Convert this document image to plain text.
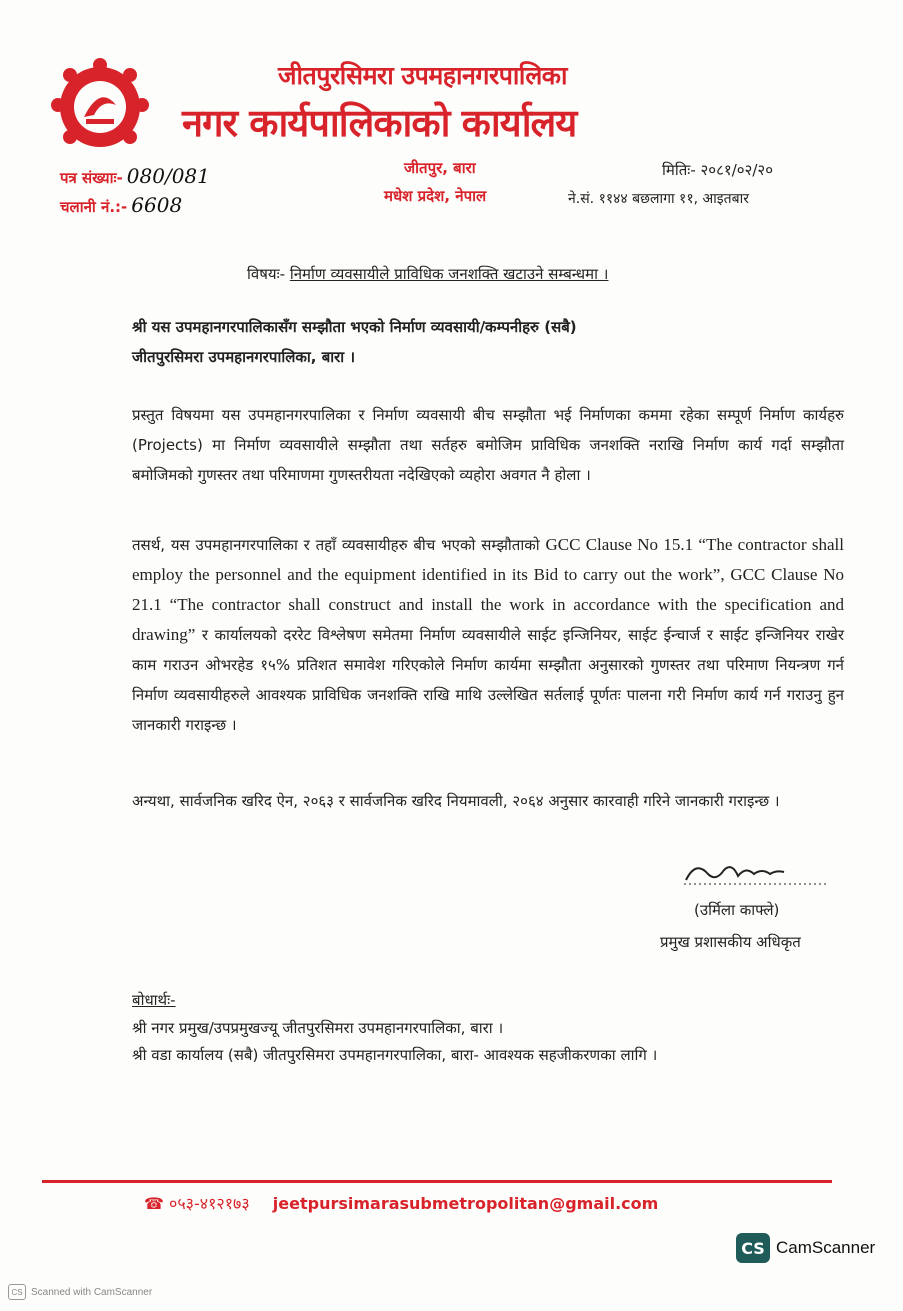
जीतपुरसिमरा उपमहानगरपालिका
नगर कार्यपालिकाको कार्यालय
जीतपुर, बारा
मधेश प्रदेश, नेपाल
पत्र संख्याः- 080/081
चलानी नं.:- 6608
मितिः- २०८१/०२/२०
ने.सं. ११४४ बछलागा ११, आइतबार
विषयः- निर्माण व्यवसायीले प्राविधिक जनशक्ति खटाउने सम्बन्धमा ।
श्री यस उपमहानगरपालिकासँग सम्झौता भएको निर्माण व्यवसायी/कम्पनीहरु (सबै)
जीतपुरसिमरा उपमहानगरपालिका, बारा ।
प्रस्तुत विषयमा यस उपमहानगरपालिका र निर्माण व्यवसायी बीच सम्झौता भई निर्माणका कममा रहेका सम्पूर्ण निर्माण कार्यहरु (Projects) मा निर्माण व्यवसायीले सम्झौता तथा सर्तहरु बमोजिम प्राविधिक जनशक्ति नराखि निर्माण कार्य गर्दा सम्झौता बमोजिमको गुणस्तर तथा परिमाणमा गुणस्तरीयता नदेखिएको व्यहोरा अवगत नै होला ।
तसर्थ, यस उपमहानगरपालिका र तहाँ व्यवसायीहरु बीच भएको सम्झौताको GCC Clause No 15.1 “The contractor shall employ the personnel and the equipment identified in its Bid to carry out the work”, GCC Clause No 21.1 “The contractor shall construct and install the work in accordance with the specification and drawing” र कार्यालयको दररेट विश्लेषण समेतमा निर्माण व्यवसायीले साईट इन्जिनियर, साईट ईन्चार्ज र साईट इन्जिनियर राखेर काम गराउन ओभरहेड १५% प्रतिशत समावेश गरिएकोले निर्माण कार्यमा सम्झौता अनुसारको गुणस्तर तथा परिमाण नियन्त्रण गर्न निर्माण व्यवसायीहरुले आवश्यक प्राविधिक जनशक्ति राखि माथि उल्लेखित सर्तलाई पूर्णतः पालना गरी निर्माण कार्य गर्न गराउनु हुन जानकारी गराइन्छ ।
अन्यथा, सार्वजनिक खरिद ऐन, २०६३ र सार्वजनिक खरिद नियमावली, २०६४ अनुसार कारवाही गरिने जानकारी गराइन्छ ।
(उर्मिला काफ्ले)
प्रमुख प्रशासकीय अधिकृत
बोधार्थः-
श्री नगर प्रमुख/उपप्रमुखज्यू जीतपुरसिमरा उपमहानगरपालिका, बारा ।
श्री वडा कार्यालय (सबै) जीतपुरसिमरा उपमहानगरपालिका, बारा- आवश्यक सहजीकरणका लागि ।
☎ ०५३-४१२१७३ jeetpursimarasubmetropolitan@gmail.com
CS CamScanner
CS Scanned with CamScanner
